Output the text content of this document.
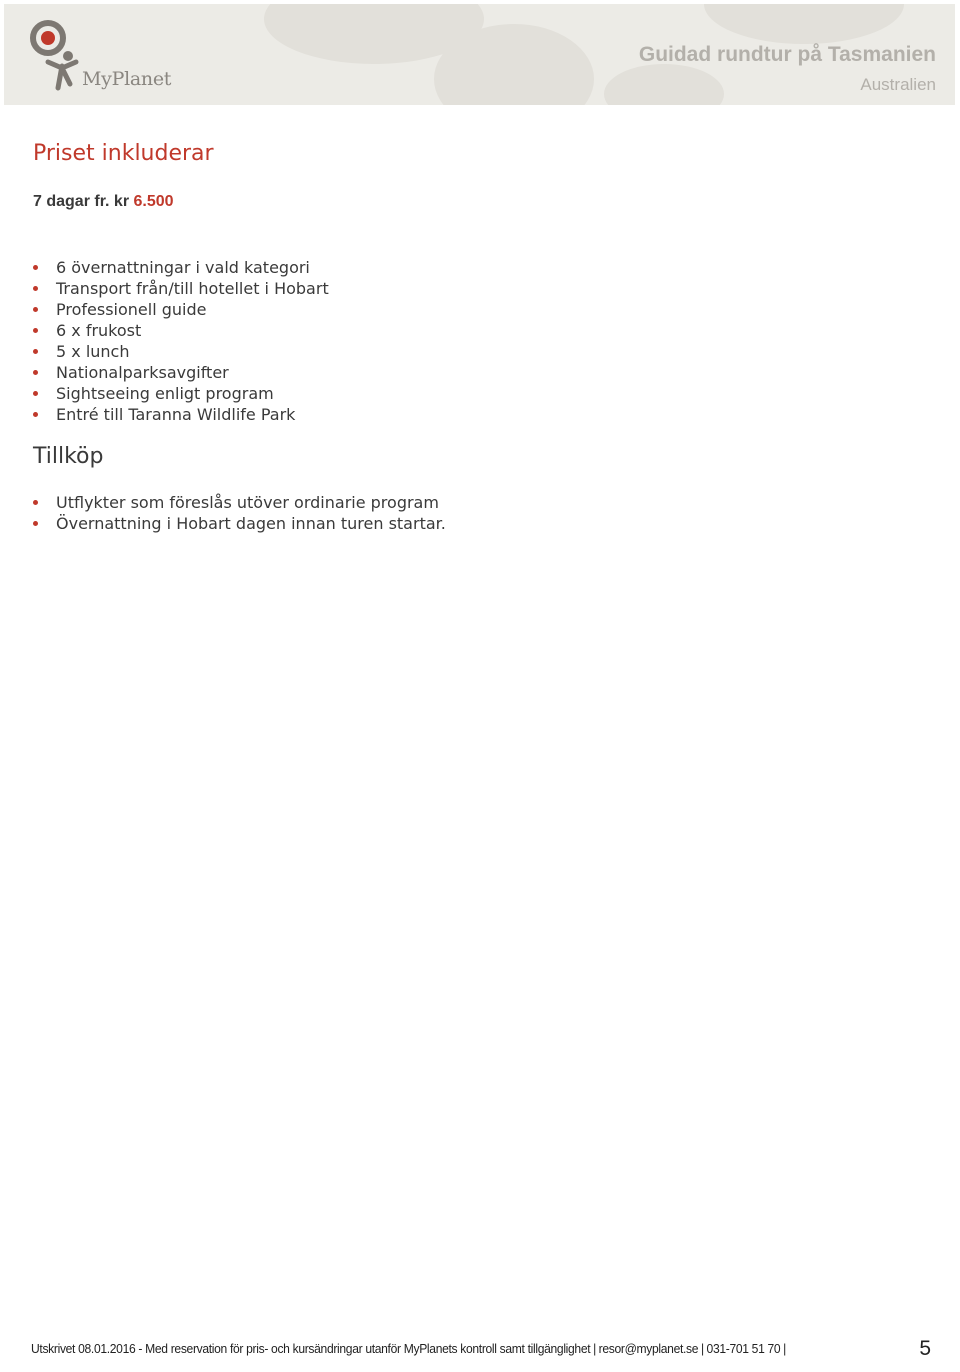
MyPlanet
Guidad rundtur på Tasmanien
Australien
Priset inkluderar
7 dagar fr. kr 6.500
6 övernattningar i vald kategori
Transport från/till hotellet i Hobart
Professionell guide
6 x frukost
5 x lunch
Nationalparksavgifter
Sightseeing enligt program
Entré till Taranna Wildlife Park
Tillköp
Utflykter som föreslås utöver ordinarie program
Övernattning i Hobart dagen innan turen startar.
Utskrivet 08.01.2016 - Med reservation för pris- och kursändringar utanför MyPlanets kontroll samt tillgänglighet | resor@myplanet.se | 031-701 51 70 |	5
